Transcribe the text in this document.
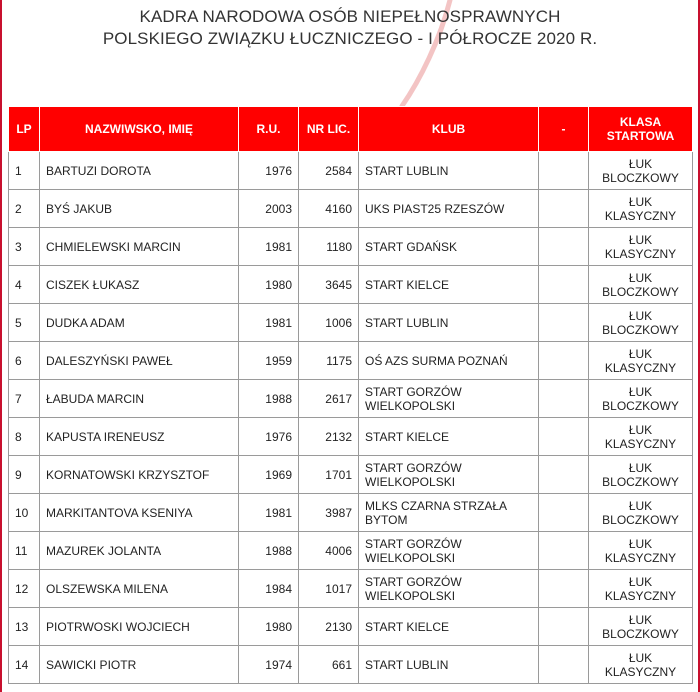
KADRA NARODOWA OSÓB NIEPEŁNOSPRAWNYCH
POLSKIEGO ZWIĄZKU ŁUCZNICZEGO - I PÓŁROCZE 2020 R.
LP	NAZWIWSKO, IMIĘ	R.U.	NR LIC.	KLUB	-	KLASA STARTOWA
1	BARTUZI DOROTA	1976	2584	START LUBLIN		ŁUK BLOCZKOWY
2	BYŚ JAKUB	2003	4160	UKS PIAST25 RZESZÓW		ŁUK KLASYCZNY
3	CHMIELEWSKI MARCIN	1981	1180	START GDAŃSK		ŁUK KLASYCZNY
4	CISZEK ŁUKASZ	1980	3645	START KIELCE		ŁUK BLOCZKOWY
5	DUDKA ADAM	1981	1006	START LUBLIN		ŁUK BLOCZKOWY
6	DALESZYŃSKI PAWEŁ	1959	1175	OŚ AZS SURMA POZNAŃ		ŁUK KLASYCZNY
7	ŁABUDA MARCIN	1988	2617	START GORZÓW WIELKOPOLSKI		ŁUK BLOCZKOWY
8	KAPUSTA IRENEUSZ	1976	2132	START KIELCE		ŁUK KLASYCZNY
9	KORNATOWSKI KRZYSZTOF	1969	1701	START GORZÓW WIELKOPOLSKI		ŁUK BLOCZKOWY
10	MARKITANTOVA KSENIYA	1981	3987	MLKS CZARNA STRZAŁA BYTOM		ŁUK BLOCZKOWY
11	MAZUREK JOLANTA	1988	4006	START GORZÓW WIELKOPOLSKI		ŁUK KLASYCZNY
12	OLSZEWSKA MILENA	1984	1017	START GORZÓW WIELKOPOLSKI		ŁUK KLASYCZNY
13	PIOTRWOSKI WOJCIECH	1980	2130	START KIELCE		ŁUK BLOCZKOWY
14	SAWICKI PIOTR	1974	661	START LUBLIN		ŁUK KLASYCZNY
